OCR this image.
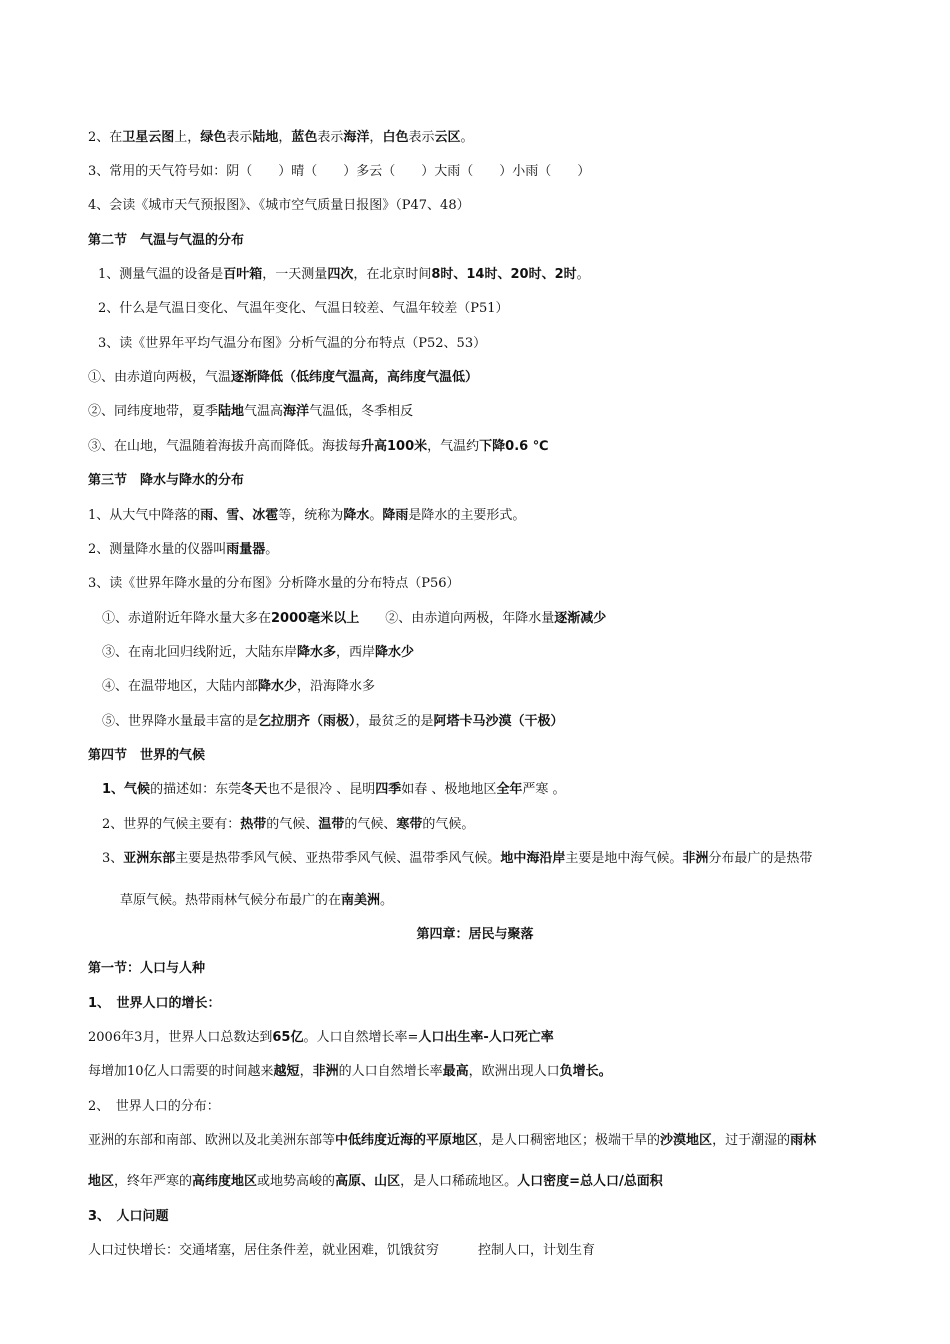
2、在卫星云图上，绿色表示陆地，蓝色表示海洋，白色表示云区。
3、常用的天气符号如：阴（　　）晴（　　）多云（　　）大雨（　　）小雨（　　）
4、会读《城市天气预报图》、《城市空气质量日报图》（P47、48）
第二节　气温与气温的分布
1、测量气温的设备是百叶箱，一天测量四次，在北京时间8时、14时、20时、2时。
2、什么是气温日变化、气温年变化、气温日较差、气温年较差（P51）
3、读《世界年平均气温分布图》分析气温的分布特点（P52、53）
①、由赤道向两极，气温逐渐降低（低纬度气温高，高纬度气温低）
②、同纬度地带，夏季陆地气温高海洋气温低，冬季相反
③、在山地，气温随着海拔升高而降低。海拔每升高100米，气温约下降0.6 ℃
第三节　降水与降水的分布
1、从大气中降落的雨、雪、冰雹等，统称为降水。降雨是降水的主要形式。
2、测量降水量的仪器叫雨量器。
3、读《世界年降水量的分布图》分析降水量的分布特点（P56）
①、赤道附近年降水量大多在2000毫米以上　　②、由赤道向两极，年降水量逐渐减少
③、在南北回归线附近，大陆东岸降水多，西岸降水少
④、在温带地区，大陆内部降水少，沿海降水多
⑤、世界降水量最丰富的是乞拉朋齐（雨极），最贫乏的是阿塔卡马沙漠（干极）
第四节　世界的气候
1、气候的描述如：东莞冬天也不是很冷 、昆明四季如春 、极地地区全年严寒 。
2、世界的气候主要有：热带的气候、温带的气候、寒带的气候。
3、亚洲东部主要是热带季风气候、亚热带季风气候、温带季风气候。地中海沿岸主要是地中海气候。非洲分布最广的是热带
草原气候。热带雨林气候分布最广的在南美洲。
第四章：居民与聚落
第一节：人口与人种
1、　世界人口的增长：
2006年3月，世界人口总数达到65亿。人口自然增长率=人口出生率-人口死亡率
每增加10亿人口需要的时间越来越短，非洲的人口自然增长率最高，欧洲出现人口负增长。
2、　世界人口的分布：
亚洲的东部和南部、欧洲以及北美洲东部等中低纬度近海的平原地区，是人口稠密地区；极端干旱的沙漠地区，过于潮湿的雨林
地区，终年严寒的高纬度地区或地势高峻的高原、山区，是人口稀疏地区。人口密度=总人口/总面积
3、　人口问题
人口过快增长：交通堵塞，居住条件差，就业困难，饥饿贫穷　　　控制人口，计划生育
